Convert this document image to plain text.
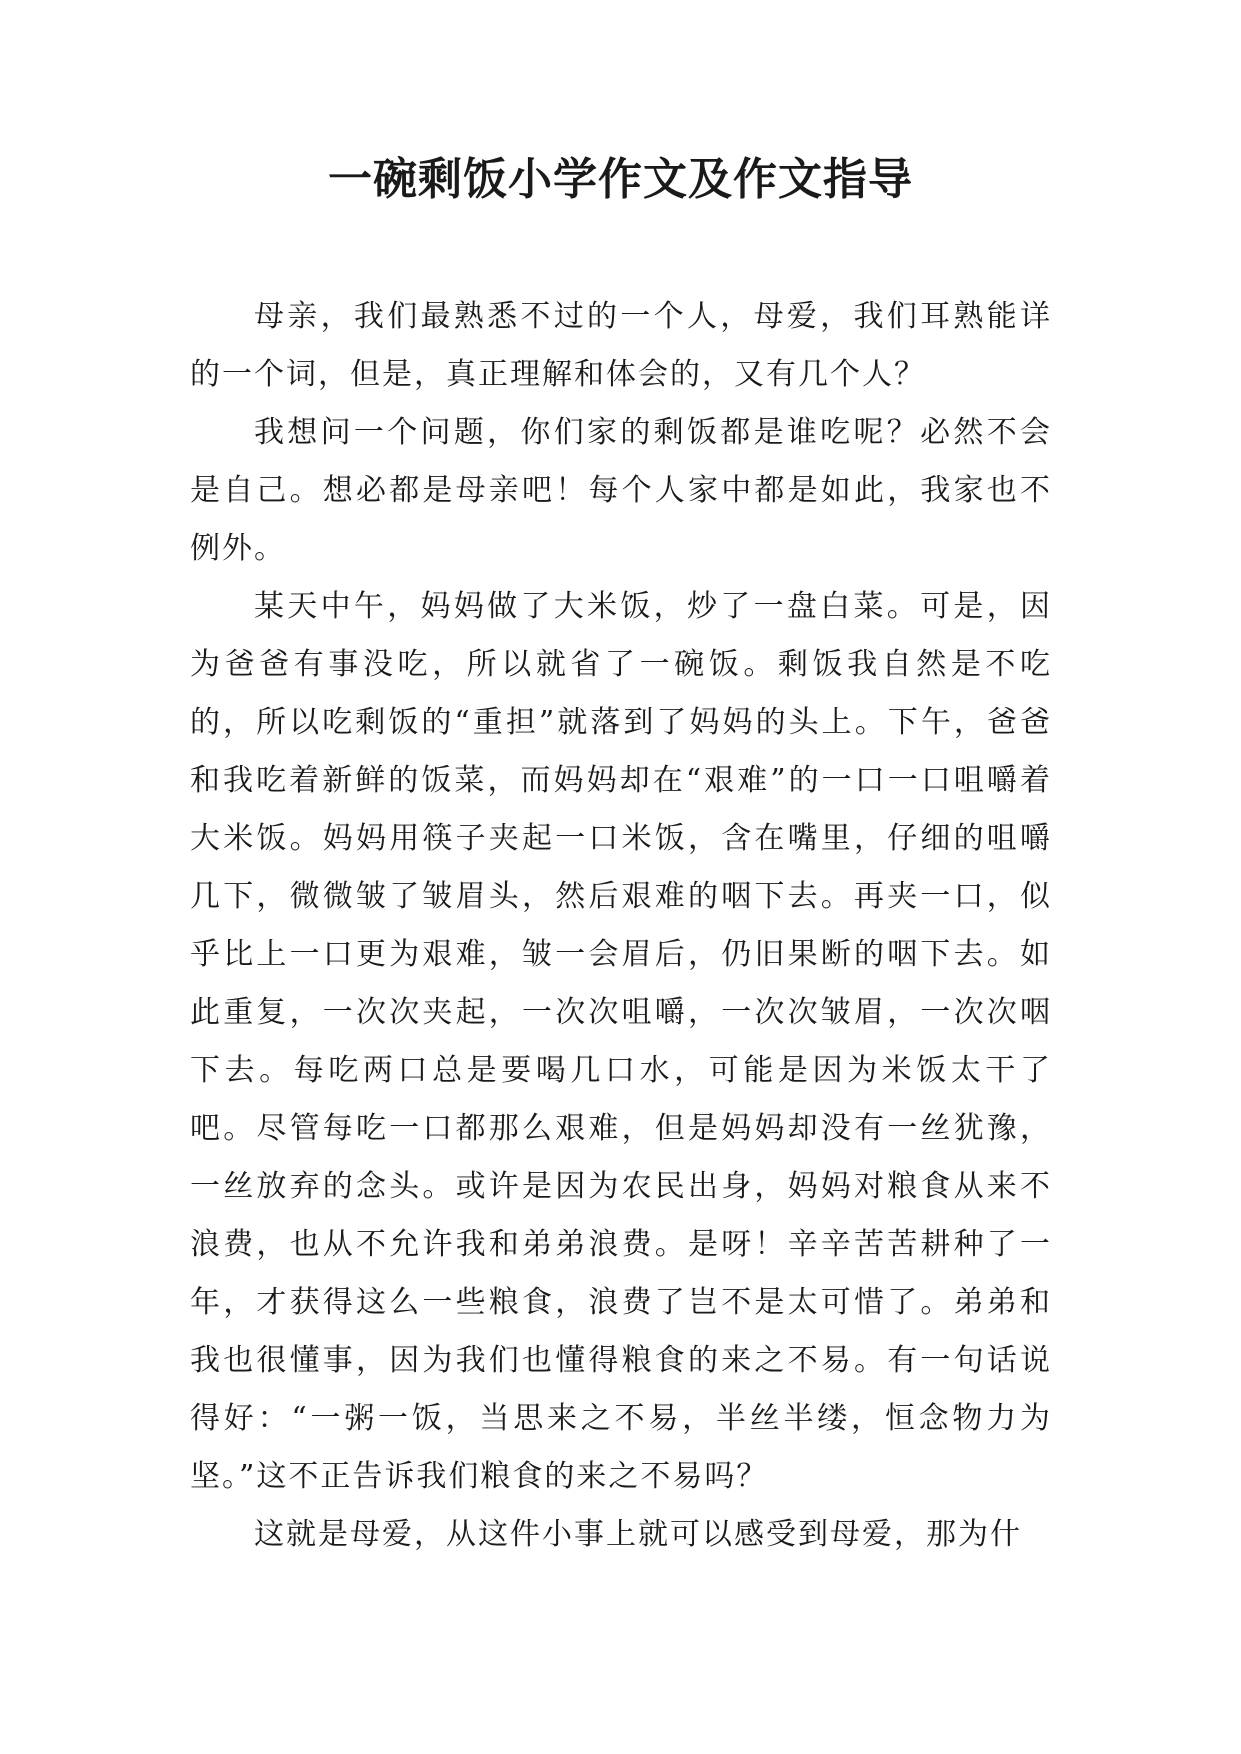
一碗剩饭小学作文及作文指导

母亲，我们最熟悉不过的一个人，母爱，我们耳熟能详的一个词，但是，真正理解和体会的，又有几个人？

我想问一个问题，你们家的剩饭都是谁吃呢？必然不会是自己。想必都是母亲吧！每个人家中都是如此，我家也不例外。

某天中午，妈妈做了大米饭，炒了一盘白菜。可是，因为爸爸有事没吃，所以就省了一碗饭。剩饭我自然是不吃的，所以吃剩饭的“重担”就落到了妈妈的头上。下午，爸爸和我吃着新鲜的饭菜，而妈妈却在“艰难”的一口一口咀嚼着大米饭。妈妈用筷子夹起一口米饭，含在嘴里，仔细的咀嚼几下，微微皱了皱眉头，然后艰难的咽下去。再夹一口，似乎比上一口更为艰难，皱一会眉后，仍旧果断的咽下去。如此重复，一次次夹起，一次次咀嚼，一次次皱眉，一次次咽下去。每吃两口总是要喝几口水，可能是因为米饭太干了吧。尽管每吃一口都那么艰难，但是妈妈却没有一丝犹豫，一丝放弃的念头。或许是因为农民出身，妈妈对粮食从来不浪费，也从不允许我和弟弟浪费。是呀！辛辛苦苦耕种了一年，才获得这么一些粮食，浪费了岂不是太可惜了。弟弟和我也很懂事，因为我们也懂得粮食的来之不易。有一句话说得好：“一粥一饭，当思来之不易，半丝半缕，恒念物力为坚。”这不正告诉我们粮食的来之不易吗？

这就是母爱，从这件小事上就可以感受到母爱，那为什
